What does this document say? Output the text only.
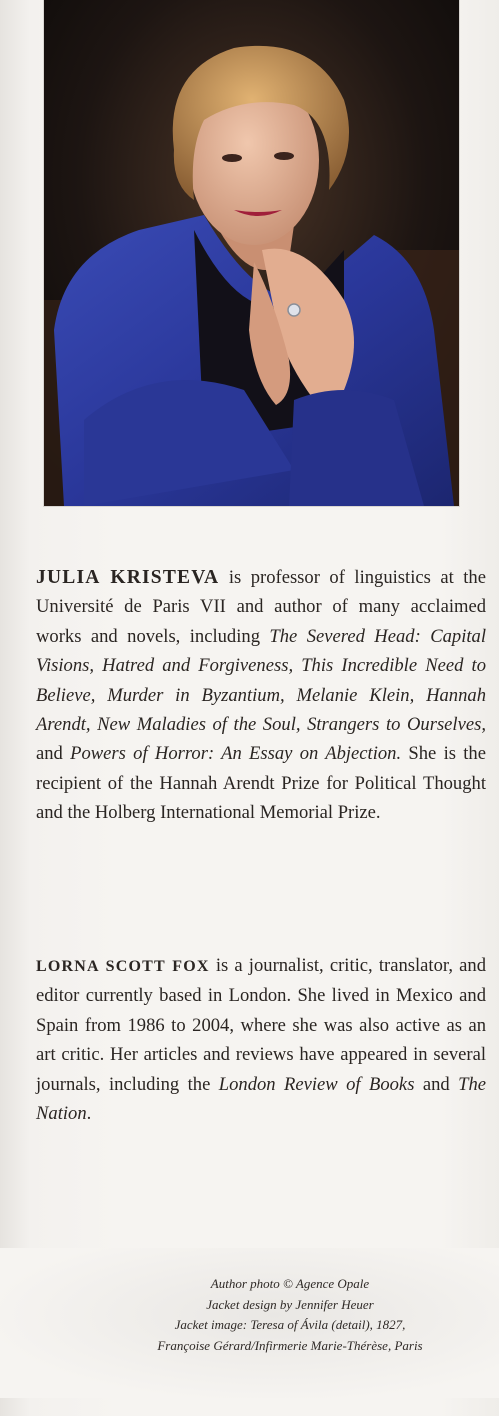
JULIA KRISTEVA is professor of linguistics at the Université de Paris VII and author of many acclaimed works and novels, including The Severed Head: Capital Visions, Hatred and Forgiveness, This Incredible Need to Believe, Murder in Byzantium, Melanie Klein, Hannah Arendt, New Maladies of the Soul, Strangers to Ourselves, and Powers of Horror: An Essay on Abjection. She is the recipient of the Hannah Arendt Prize for Political Thought and the Holberg International Memorial Prize.

LORNA SCOTT FOX is a journalist, critic, translator, and editor currently based in London. She lived in Mexico and Spain from 1986 to 2004, where she was also active as an art critic. Her articles and reviews have appeared in several journals, including the London Review of Books and The Nation.

Author photo © Agence Opale
Jacket design by Jennifer Heuer
Jacket image: Teresa of Ávila (detail), 1827,
Françoise Gérard/Infirmerie Marie-Thérèse, Paris
